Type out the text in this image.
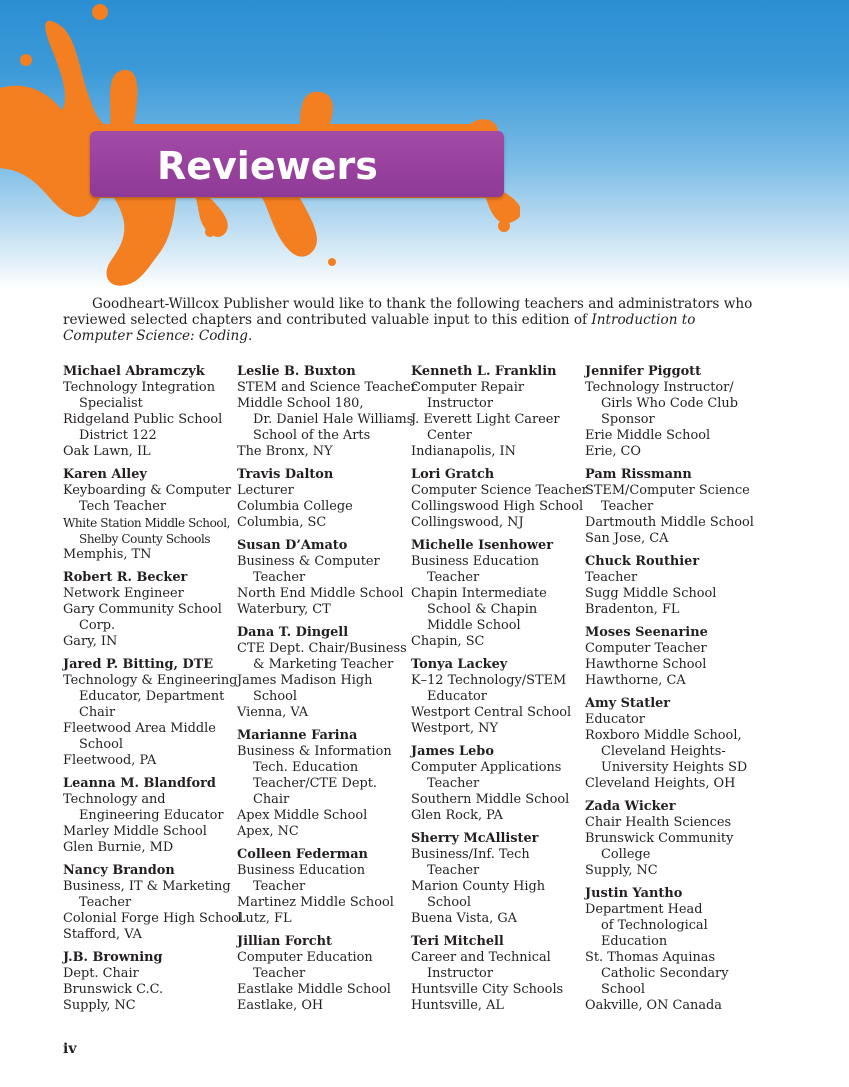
Reviewers

Goodheart-Willcox Publisher would like to thank the following teachers and administrators who reviewed selected chapters and contributed valuable input to this edition of Introduction to Computer Science: Coding.

Michael Abramczyk
Technology Integration
Specialist
Ridgeland Public School
District 122
Oak Lawn, IL
Karen Alley
Keyboarding & Computer
Tech Teacher
White Station Middle School,
Shelby County Schools
Memphis, TN
Robert R. Becker
Network Engineer
Gary Community School
Corp.
Gary, IN
Jared P. Bitting, DTE
Technology & Engineering
Educator, Department
Chair
Fleetwood Area Middle
School
Fleetwood, PA
Leanna M. Blandford
Technology and
Engineering Educator
Marley Middle School
Glen Burnie, MD
Nancy Brandon
Business, IT & Marketing
Teacher
Colonial Forge High School
Stafford, VA
J.B. Browning
Dept. Chair
Brunswick C.C.
Supply, NC
Leslie B. Buxton
STEM and Science Teacher
Middle School 180,
Dr. Daniel Hale Williams
School of the Arts
The Bronx, NY
Travis Dalton
Lecturer
Columbia College
Columbia, SC
Susan D’Amato
Business & Computer
Teacher
North End Middle School
Waterbury, CT
Dana T. Dingell
CTE Dept. Chair/Business
& Marketing Teacher
James Madison High
School
Vienna, VA
Marianne Farina
Business & Information
Tech. Education
Teacher/CTE Dept.
Chair
Apex Middle School
Apex, NC
Colleen Federman
Business Education
Teacher
Martinez Middle School
Lutz, FL
Jillian Forcht
Computer Education
Teacher
Eastlake Middle School
Eastlake, OH
Kenneth L. Franklin
Computer Repair
Instructor
J. Everett Light Career
Center
Indianapolis, IN
Lori Gratch
Computer Science Teacher
Collingswood High School
Collingswood, NJ
Michelle Isenhower
Business Education
Teacher
Chapin Intermediate
School & Chapin
Middle School
Chapin, SC
Tonya Lackey
K–12 Technology/STEM
Educator
Westport Central School
Westport, NY
James Lebo
Computer Applications
Teacher
Southern Middle School
Glen Rock, PA
Sherry McAllister
Business/Inf. Tech
Teacher
Marion County High
School
Buena Vista, GA
Teri Mitchell
Career and Technical
Instructor
Huntsville City Schools
Huntsville, AL
Jennifer Piggott
Technology Instructor/
Girls Who Code Club
Sponsor
Erie Middle School
Erie, CO
Pam Rissmann
STEM/Computer Science
Teacher
Dartmouth Middle School
San Jose, CA
Chuck Routhier
Teacher
Sugg Middle School
Bradenton, FL
Moses Seenarine
Computer Teacher
Hawthorne School
Hawthorne, CA
Amy Statler
Educator
Roxboro Middle School,
Cleveland Heights-
University Heights SD
Cleveland Heights, OH
Zada Wicker
Chair Health Sciences
Brunswick Community
College
Supply, NC
Justin Yantho
Department Head
of Technological
Education
St. Thomas Aquinas
Catholic Secondary
School
Oakville, ON Canada
iv
